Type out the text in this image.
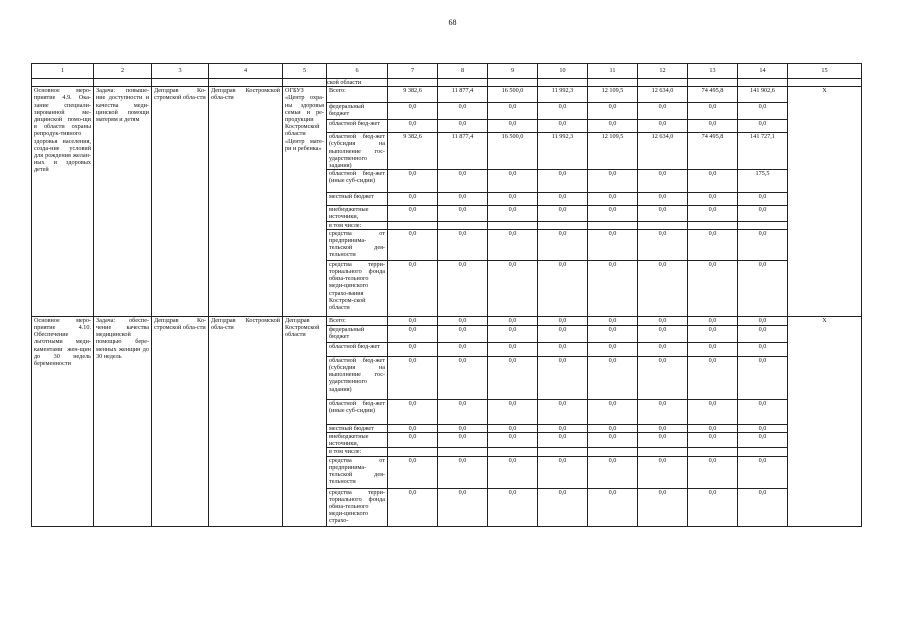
68
1	2	3	4	5	6	7	8	9	10	11	12	13	14	15
					ской области									
Основное меро-приятие 4.9. Ока-зание специали-зированной ме-дицинской помо-щи в области охраны репродук-тивного здоровья населения, созда-ние условий для рождения желан-ных и здоровых детей	Задача: повыше-ние доступности и качества меди-цинской помощи матерям и детям	Депздрав Ко-стромской обла-сти	Депздрав Костромской обла-сти	ОГБУЗ «Центр охра-ны здоровья семьи и ре-продукции Костромской области «Центр мате-ри и ребенка»	Всего:	9 382,6	11 877,4	16 500,0	11 992,3	12 109,5	12 634,0	74 495,8	141 902,6	X
					федеральный бюджет	0,0	0,0	0,0	0,0	0,0	0,0	0,0	0,0	
					областной бюд-жет	0,0	0,0	0,0	0,0	0,0	0,0	0,0	0,0	
					областной бюд-жет (субсидия на выполнение гос-ударственного задания)	9 382,6	11 877,4	16 500,0	11 992,3	12 109,5	12 634,0	74 495,8	141 727,1	
					областной бюд-жет (иные суб-сидии)	0,0	0,0	0,0	0,0	0,0	0,0	0,0	175,5	
					местный бюджет	0,0	0,0	0,0	0,0	0,0	0,0	0,0	0,0	
					внебюджетные источники,	0,0	0,0	0,0	0,0	0,0	0,0	0,0	0,0	
					в том числе:									
					средства от предпринима-тельской дея-тельности	0,0	0,0	0,0	0,0	0,0	0,0	0,0	0,0	
					средства терри-ториального фонда обяза-тельного меди-цинского страхо-вания Костром-ской области	0,0	0,0	0,0	0,0	0,0	0,0	0,0	0,0	
Основное меро-приятие 4.10. Обеспечение льготными меди-каментами жен-щин до 30 недель беременности	Задача: обеспе-чение качества медицинской помощью бере-менных женщин до 30 недель	Депздрав Ко-стромской обла-сти	Депздрав Костромской обла-сти	Депздрав Костромской области	Всего:	0,0	0,0	0,0	0,0	0,0	0,0	0,0	0,0	X
					федеральный бюджет	0,0	0,0	0,0	0,0	0,0	0,0	0,0	0,0	
					областной бюд-жет	0,0	0,0	0,0	0,0	0,0	0,0	0,0	0,0	
					областной бюд-жет (субсидия на выполнение гос-ударственного задания)	0,0	0,0	0,0	0,0	0,0	0,0	0,0	0,0	
					областной бюд-жет (иные суб-сидии)	0,0	0,0	0,0	0,0	0,0	0,0	0,0	0,0	
					местный бюджет	0,0	0,0	0,0	0,0	0,0	0,0	0,0	0,0	
					внебюджетные источники,	0,0	0,0	0,0	0,0	0,0	0,0	0,0	0,0	
					в том числе:									
					средства от предпринима-тельской дея-тельности	0,0	0,0	0,0	0,0	0,0	0,0	0,0	0,0	
					средства терри-ториального фонда обяза-тельного меди-цинского страхо-	0,0	0,0	0,0	0,0	0,0	0,0	0,0	0,0	
